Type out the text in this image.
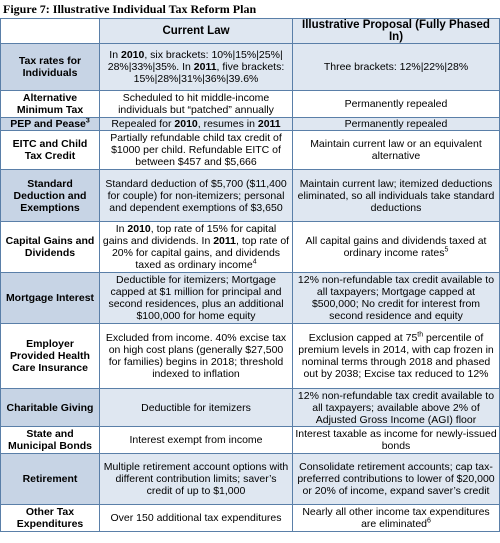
Figure 7: Illustrative Individual Tax Reform Plan
	Current Law	Illustrative Proposal (Fully Phased In)
Tax rates for Individuals	In 2010, six brackets: 10%|15%|25%| 28%|33%|35%. In 2011, five brackets: 15%|28%|31%|36%|39.6%	Three brackets: 12%|22%|28%
Alternative Minimum Tax	Scheduled to hit middle-income individuals but “patched” annually	Permanently repealed
PEP and Pease$^3$	Repealed for 2010, resumes in 2011	Permanently repealed
EITC and Child Tax Credit	Partially refundable child tax credit of $1000 per child. Refundable EITC of between $457 and $5,666	Maintain current law or an equivalent alternative
Standard Deduction and Exemptions	Standard deduction of $5,700 ($11,400 for couple) for non-itemizers; personal and dependent exemptions of $3,650	Maintain current law; itemized deductions eliminated, so all individuals take standard deductions
Capital Gains and Dividends	In 2010, top rate of 15% for capital gains and dividends. In 2011, top rate of 20% for capital gains, and dividends taxed as ordinary income$^4$	All capital gains and dividends taxed at ordinary income rates$^5$
Mortgage Interest	Deductible for itemizers; Mortgage capped at $1 million for principal and second residences, plus an additional $100,000 for home equity	12% non-refundable tax credit available to all taxpayers; Mortgage capped at $500,000; No credit for interest from second residence and equity
Employer Provided Health Care Insurance	Excluded from income. 40% excise tax on high cost plans (generally $27,500 for families) begins in 2018; threshold indexed to inflation	Exclusion capped at 75th percentile of premium levels in 2014, with cap frozen in nominal terms through 2018 and phased out by 2038; Excise tax reduced to 12%
Charitable Giving	Deductible for itemizers	12% non-refundable tax credit available to all taxpayers; available above 2% of Adjusted Gross Income (AGI) floor
State and Municipal Bonds	Interest exempt from income	Interest taxable as income for newly-issued bonds
Retirement	Multiple retirement account options with different contribution limits; saver’s credit of up to $1,000	Consolidate retirement accounts; cap tax-preferred contributions to lower of $20,000 or 20% of income, expand saver’s credit
Other Tax Expenditures	Over 150 additional tax expenditures	Nearly all other income tax expenditures are eliminated$^6$
